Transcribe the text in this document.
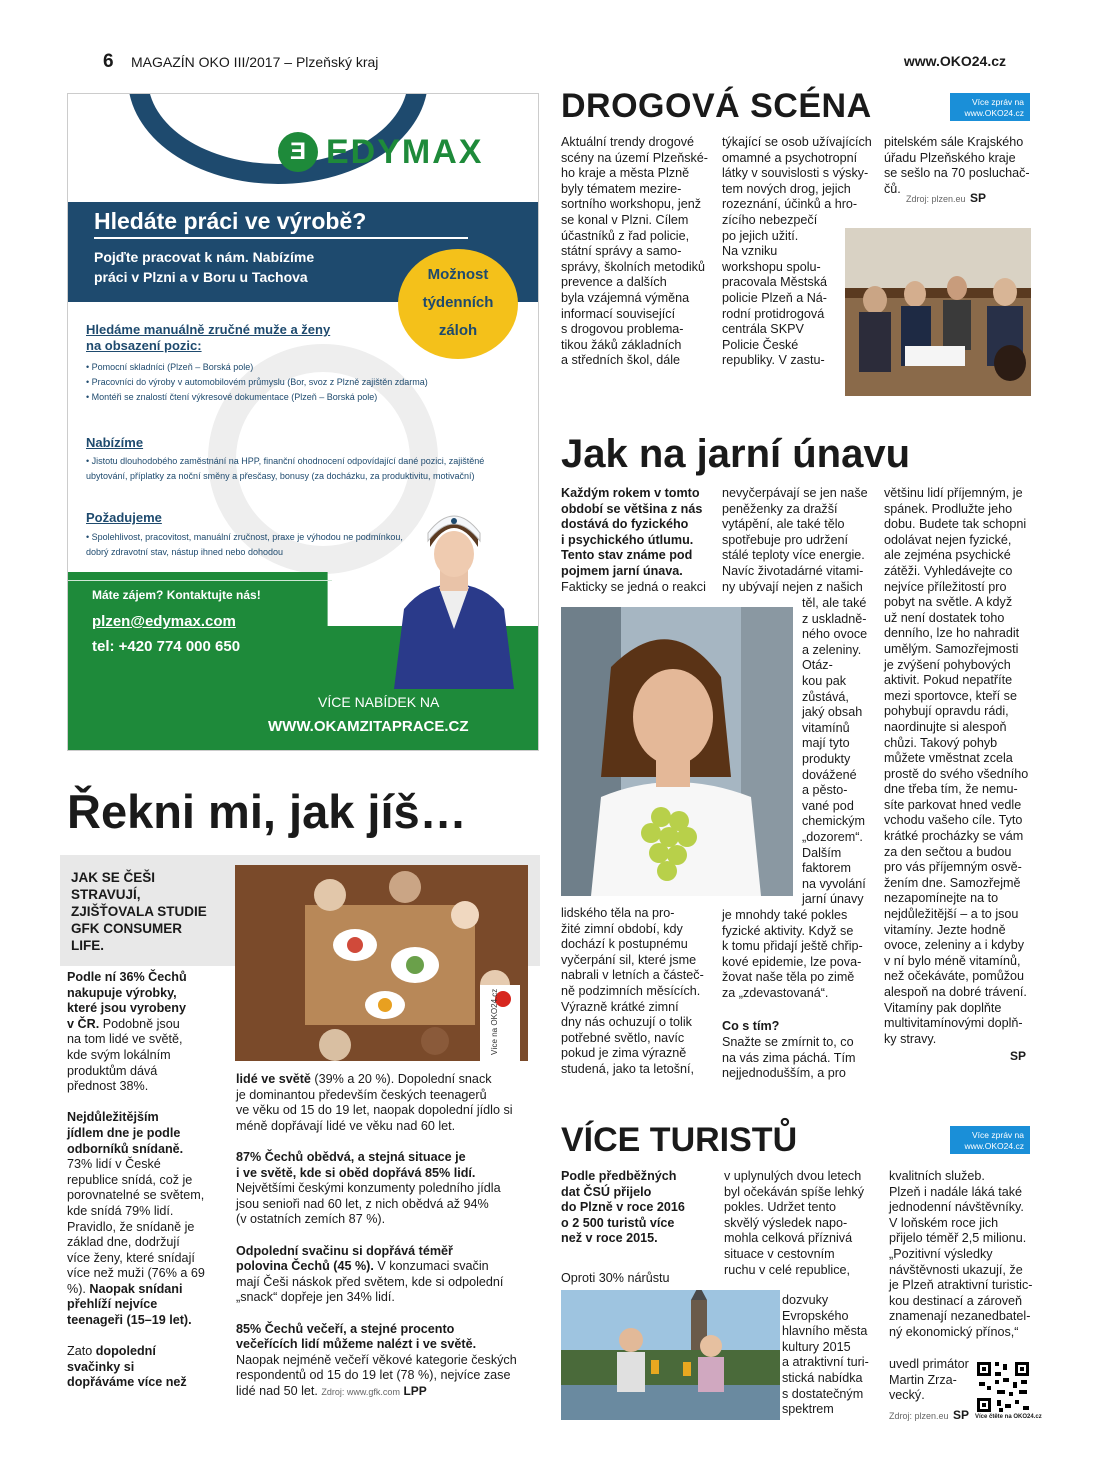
6 MAGAZÍN OKO III/2017 – Plzeňský kraj	www.OKO24.cz
Ǝ EDYMAX
Hledáte práci ve výrobě?
Pojďte pracovat k nám. Nabízíme
práci v Plzni a v Boru u Tachova	Možnost
týdenních
záloh
Hledáme manuálně zručné muže a ženy
na obsazení pozic:
• Pomocní skladníci (Plzeň – Borská pole)
• Pracovníci do výroby v automobilovém průmyslu (Bor, svoz z Plzně zajištěn zdarma)
• Montéři se znalostí čtení výkresové dokumentace (Plzeň – Borská pole)
Nabízíme
• Jistotu dlouhodobého zaměstnání na HPP, finanční ohodnocení odpovídající dané pozici, zajištěné
ubytování, příplatky za noční směny a přesčasy, bonusy (za docházku, za produktivitu, motivační)
Požadujeme
• Spolehlivost, pracovitost, manuální zručnost, praxe je výhodou ne podmínkou,
dobrý zdravotní stav, nástup ihned nebo dohodou
Máte zájem? Kontaktujte nás!
plzen@edymax.com
tel: +420 774 000 650
VÍCE NABÍDEK NA
WWW.OKAMZITAPRACE.CZ
DROGOVÁ SCÉNA	Více zpráv na
www.OKO24.cz
Aktuální trendy drogové
scény na území Plzeňské-
ho kraje a města Plzně
byly tématem mezire-
sortního workshopu, jenž
se konal v Plzni. Cílem
účastníků z řad policie,
státní správy a samo-
správy, školních metodiků
prevence a dalších
byla vzájemná výměna
informací související
s drogovou problema-
tikou žáků základních
a středních škol, dále
týkající se osob užívajících
omamné a psychotropní
látky v souvislosti s výsky-
tem nových drog, jejich
rozeznání, účinků a hro-
zícího nebezpečí
po jejich užití.
Na vzniku
workshopu spolu-
pracovala Městská
policie Plzeň a Ná-
rodní protidrogová
centrála SKPV
Policie České
republiky. V zastu-
pitelském sále Krajského
úřadu Plzeňského kraje
se sešlo na 70 posluchač-
čů.
Zdroj: plzen.eu SP
Jak na jarní únavu
Každým rokem v tomto
období se většina z nás
dostává do fyzického
i psychického útlumu.
Tento stav známe pod
pojmem jarní únava.
Fakticky se jedná o reakci
lidského těla na pro-
žité zimní období, kdy
dochází k postupnému
vyčerpání sil, které jsme
nabrali v letních a částeč-
ně podzimních měsících.
Výrazně krátké zimní
dny nás ochuzují o tolik
potřebné světlo, navíc
pokud je zima výrazně
studená, jako ta letošní,
nevyčerpávají se jen naše
peněženky za dražší
vytápění, ale také tělo
spotřebuje pro udržení
stálé teploty více energie.
Navíc životadárné vitami-
ny ubývají nejen z našich
těl, ale také
z uskladně-
ného ovoce
a zeleniny.
Otáz-
kou pak
zůstává,
jaký obsah
vitamínů
mají tyto
produkty
dovážené
a pěsto-
vané pod
chemickým
„dozorem“.
Dalším
faktorem
na vyvolání
jarní únavy
je mnohdy také pokles
fyzické aktivity. Když se
k tomu přidají ještě chřip-
kové epidemie, lze pova-
žovat naše těla po zimě
za „zdevastovaná“.
Co s tím?
Snažte se zmírnit to, co
na vás zima páchá. Tím
nejjednodušším, a pro
většinu lidí příjemným, je
spánek. Prodlužte jeho
dobu. Budete tak schopni
odolávat nejen fyzické,
ale zejména psychické
zátěži. Vyhledávejte co
nejvíce příležitostí pro
pobyt na světle. A když
už není dostatek toho
denního, lze ho nahradit
umělým. Samozřejmosti
je zvýšení pohybových
aktivit. Pokud nepatříte
mezi sportovce, kteří se
pohybují opravdu rádi,
naordinujte si alespoň
chůzi. Takový pohyb
můžete vměstnat zcela
prostě do svého všedního
dne třeba tím, že nemu-
síte parkovat hned vedle
vchodu vašeho cíle. Tyto
krátké procházky se vám
za den sečtou a budou
pro vás příjemným osvě-
žením dne. Samozřejmě
nezapomínejte na to
nejdůležitější – a to jsou
vitamíny. Jezte hodně
ovoce, zeleniny a i kdyby
v ní bylo méně vitamínů,
než očekáváte, pomůžou
alespoň na dobré trávení.
Vitamíny pak doplňte
multivitamínovými doplň-
ky stravy.
SP
Řekni mi, jak jíš…
JAK SE ČEŠI
STRAVUJÍ,
ZJIŠŤOVALA STUDIE
GFK CONSUMER
LIFE.
Více na OKO24.cz
Podle ní 36% Čechů
nakupuje výrobky,
které jsou vyrobeny
v ČR. Podobně jsou
na tom lidé ve světě,
kde svým lokálním
produktům dává
přednost 38%.

Nejdůležitějším
jídlem dne je podle
odborníků snídaně.
73% lidí v České
republice snídá, což je
porovnatelné se světem,
kde snídá 79% lidí.
Pravidlo, že snídaně je
základ dne, dodržují
více ženy, které snídají
více než muži (76% a 69
%). Naopak snídani
přehlíží nejvíce
teenageři (15–19 let).

Zato dopolední
svačinky si
dopřáváme více než
lidé ve světě (39% a 20 %). Dopolední snack
je dominantou především českých teenagerů
ve věku od 15 do 19 let, naopak dopolední jídlo si
méně dopřávají lidé ve věku nad 60 let.

87% Čechů obědvá, a stejná situace je
i ve světě, kde si oběd dopřává 85% lidí.
Největšími českými konzumenty poledního jídla
jsou senioři nad 60 let, z nich obědvá až 94%
(v ostatních zemích 87 %).

Odpolední svačinu si dopřává téměř
polovina Čechů (45 %). V konzumaci svačin
mají Češi náskok před světem, kde si odpolední
„snack“ dopřeje jen 34% lidí.

85% Čechů večeří, a stejné procento
večeřících lidí můžeme nalézt i ve světě.
Naopak nejméně večeří věkové kategorie českých
respondentů od 15 do 19 let (78 %), nejvíce zase
lidé nad 50 let. Zdroj: www.gfk.com LPP
VÍCE TURISTŮ	Více zpráv na
www.OKO24.cz
Podle předběžných
dat ČSÚ přijelo
do Plzně v roce 2016
o 2 500 turistů více
než v roce 2015.
Oproti 30% nárůstu
v uplynulých dvou letech
byl očekáván spíše lehký
pokles. Udržet tento
skvělý výsledek napo-
mohla celková příznivá
situace v cestovním
ruchu v celé republice,
dozvuky
Evropského
hlavního města
kultury 2015
a atraktivní turi-
stická nabídka
s dostatečným
spektrem
kvalitních služeb.
Plzeň i nadále láká také
jednodenní návštěvníky.
V loňském roce jich
přijelo téměř 2,5 milionu.
„Pozitivní výsledky
návštěvnosti ukazují, že
je Plzeň atraktivní turistic-
kou destinací a zároveň
znamenají nezanedbatel-
ný ekonomický přínos,“
uvedl primátor
Martin Zrza-
vecký.
Zdroj: plzen.eu SP Více čtěte na OKO24.cz
